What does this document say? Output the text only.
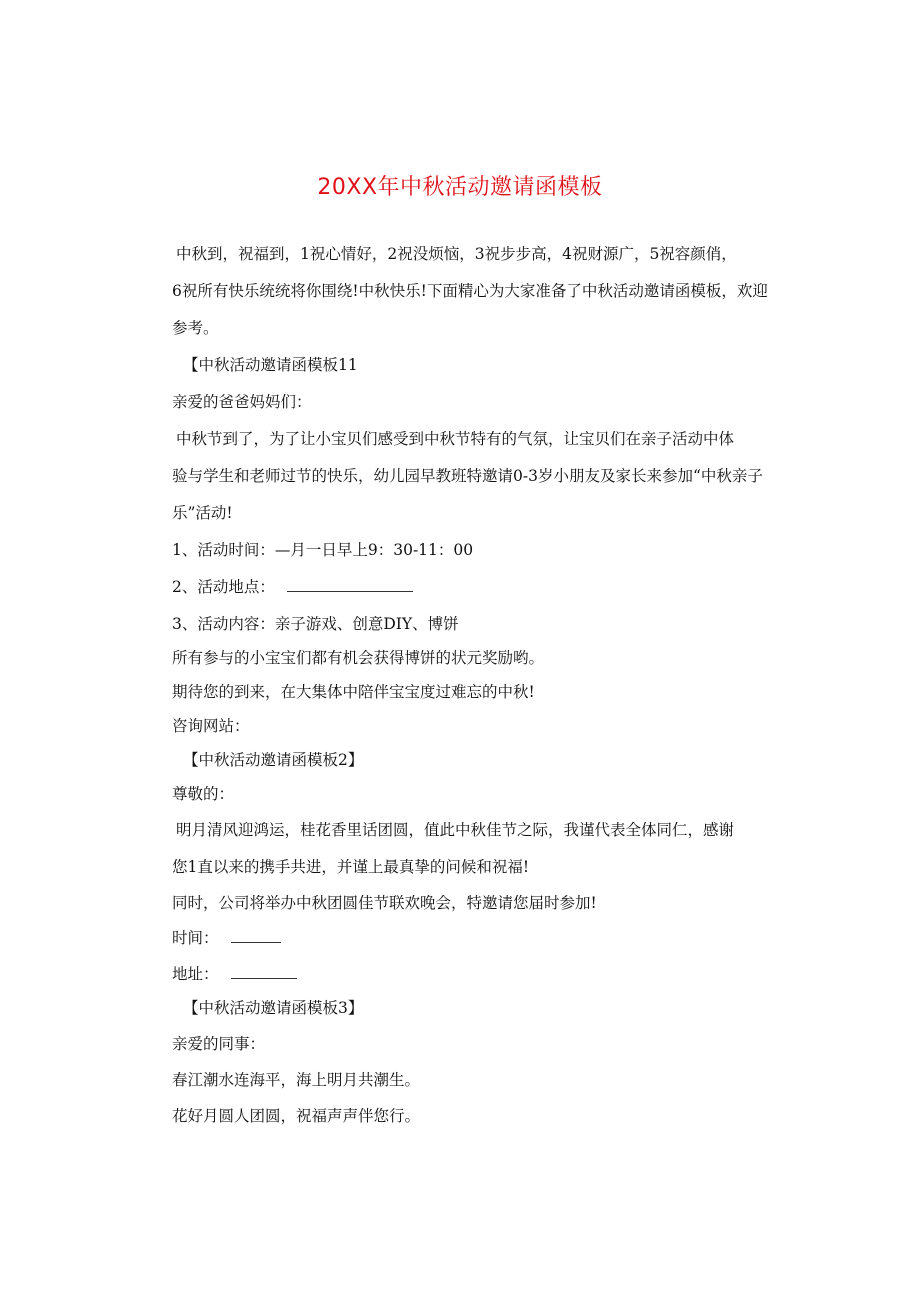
20XX年中秋活动邀请函模板
中秋到，祝福到，1祝心情好，2祝没烦恼，3祝步步高，4祝财源广，5祝容颜俏，
6祝所有快乐统统将你围绕!中秋快乐!下面精心为大家准备了中秋活动邀请函模板，欢迎
参考。
【中秋活动邀请函模板11
亲爱的爸爸妈妈们：
中秋节到了，为了让小宝贝们感受到中秋节特有的气氛，让宝贝们在亲子活动中体
验与学生和老师过节的快乐，幼儿园早教班特邀请0-3岁小朋友及家长来参加“中秋亲子
乐”活动!
1、活动时间：—月一日早上9：30-11：00
2、活动地点：
3、活动内容：亲子游戏、创意DIY、博饼
所有参与的小宝宝们都有机会获得博饼的状元奖励哟。
期待您的到来，在大集体中陪伴宝宝度过难忘的中秋!
咨询网站：
【中秋活动邀请函模板2】
尊敬的：
明月清风迎鸿运，桂花香里话团圆，值此中秋佳节之际，我谨代表全体同仁，感谢
您1直以来的携手共进，并谨上最真挚的问候和祝福!
同时，公司将举办中秋团圆佳节联欢晚会，特邀请您届时参加!
时间：
地址：
【中秋活动邀请函模板3】
亲爱的同事：
春江潮水连海平，海上明月共潮生。
花好月圆人团圆，祝福声声伴您行。
